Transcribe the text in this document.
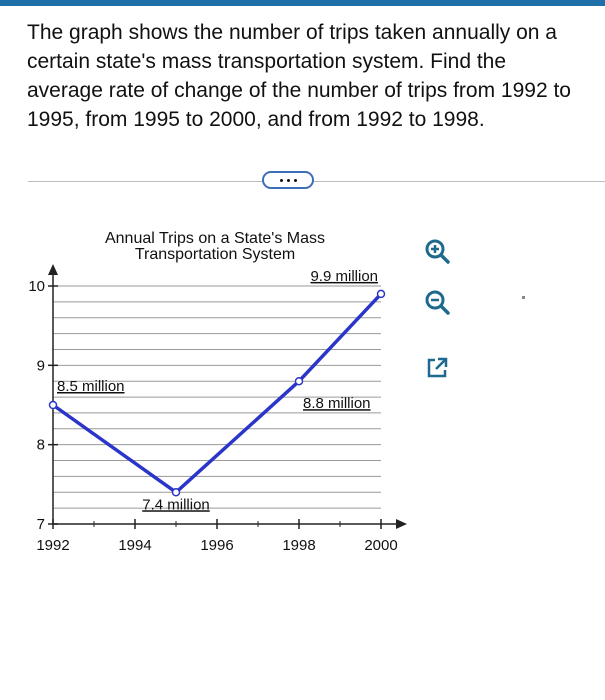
The graph shows the number of trips taken annually on a certain state's mass transportation system. Find the average rate of change of the number of trips from 1992 to 1995, from 1995 to 2000, and from 1992 to 1998.
Annual Trips on a State's Mass
Transportation System
1992	1994	1996	1998	2000
7
8
9
10
8.5 million
7.4 million
8.8 million
9.9 million
